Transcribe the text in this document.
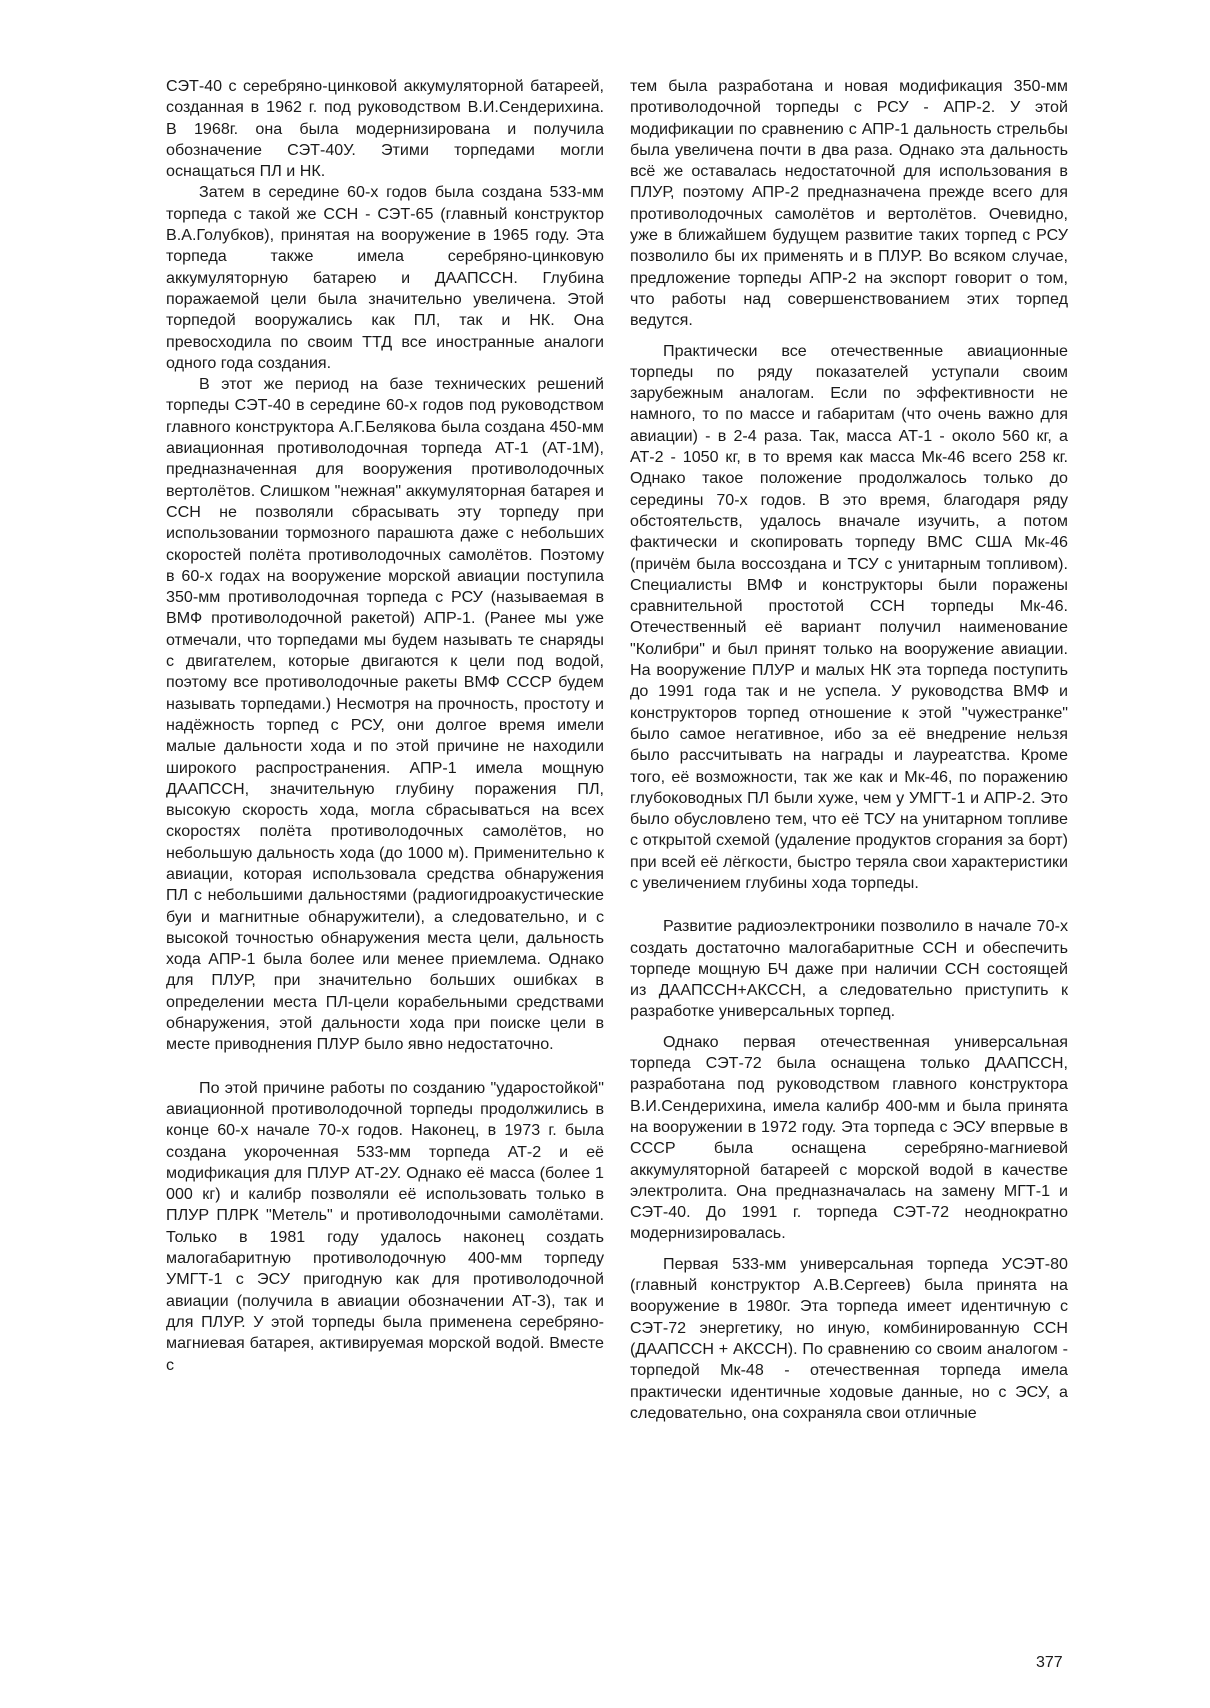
СЭТ-40 с серебряно-цинковой аккумуляторной батареей, созданная в 1962 г. под руководством В.И.Сендерихина. В 1968г. она была модернизирована и получила обозначение СЭТ-40У. Этими торпедами могли оснащаться ПЛ и НК.

Затем в середине 60-х годов была создана 533-мм торпеда с такой же ССН - СЭТ-65 (главный конструктор В.А.Голубков), принятая на вооружение в 1965 году. Эта торпеда также имела серебряно-цинковую аккумуляторную батарею и ДААПССН. Глубина поражаемой цели была значительно увеличена. Этой торпедой вооружались как ПЛ, так и НК. Она превосходила по своим ТТД все иностранные аналоги одного года создания.

В этот же период на базе технических решений торпеды СЭТ-40 в середине 60-х годов под руководством главного конструктора А.Г.Белякова была создана 450-мм авиационная противолодочная торпеда АТ-1 (АТ-1М), предназначенная для вооружения противолодочных вертолётов. Слишком "нежная" аккумуляторная батарея и ССН не позволяли сбрасывать эту торпеду при использовании тормозного парашюта даже с небольших скоростей полёта противолодочных самолётов. Поэтому в 60-х годах на вооружение морской авиации поступила 350-мм противолодочная торпеда с РСУ (называемая в ВМФ противолодочной ракетой) АПР-1. (Ранее мы уже отмечали, что торпедами мы будем называть те снаряды с двигателем, которые двигаются к цели под водой, поэтому все противолодочные ракеты ВМФ СССР будем называть торпедами.) Несмотря на прочность, простоту и надёжность торпед с РСУ, они долгое время имели малые дальности хода и по этой причине не находили широкого распространения. АПР-1 имела мощную ДААПССН, значительную глубину поражения ПЛ, высокую скорость хода, могла сбрасываться на всех скоростях полёта противолодочных самолётов, но небольшую дальность хода (до 1000 м). Применительно к авиации, которая использовала средства обнаружения ПЛ с небольшими дальностями (радиогидроакустические буи и магнитные обнаружители), а следовательно, и с высокой точностью обнаружения места цели, дальность хода АПР-1 была более или менее приемлема. Однако для ПЛУР, при значительно больших ошибках в определении места ПЛ-цели корабельными средствами обнаружения, этой дальности хода при поиске цели в месте приводнения ПЛУР было явно недостаточно.

По этой причине работы по созданию "ударостойкой" авиационной противолодочной торпеды продолжились в конце 60-х начале 70-х годов. Наконец, в 1973 г. была создана укороченная 533-мм торпеда АТ-2 и её модификация для ПЛУР АТ-2У. Однако её масса (более 1 000 кг) и калибр позволяли её использовать только в ПЛУР ПЛРК "Метель" и противолодочными самолётами. Только в 1981 году удалось наконец создать малогабаритную противолодочную 400-мм торпеду УМГТ-1 с ЭСУ пригодную как для противолодочной авиации (получила в авиации обозначении АТ-3), так и для ПЛУР. У этой торпеды была применена серебряно-магниевая батарея, активируемая морской водой. Вместе с

тем была разработана и новая модификация 350-мм противолодочной торпеды с РСУ - АПР-2. У этой модификации по сравнению с АПР-1 дальность стрельбы была увеличена почти в два раза. Однако эта дальность всё же оставалась недостаточной для использования в ПЛУР, поэтому АПР-2 предназначена прежде всего для противолодочных самолётов и вертолётов. Очевидно, уже в ближайшем будущем развитие таких торпед с РСУ позволило бы их применять и в ПЛУР. Во всяком случае, предложение торпеды АПР-2 на экспорт говорит о том, что работы над совершенствованием этих торпед ведутся.

Практически все отечественные авиационные торпеды по ряду показателей уступали своим зарубежным аналогам. Если по эффективности не намного, то по массе и габаритам (что очень важно для авиации) - в 2-4 раза. Так, масса АТ-1 - около 560 кг, а АТ-2 - 1050 кг, в то время как масса Мк-46 всего 258 кг. Однако такое положение продолжалось только до середины 70-х годов. В это время, благодаря ряду обстоятельств, удалось вначале изучить, а потом фактически и скопировать торпеду ВМС США Мк-46 (причём была воссоздана и ТСУ с унитарным топливом). Специалисты ВМФ и конструкторы были поражены сравнительной простотой ССН торпеды Мк-46. Отечественный её вариант получил наименование "Колибри" и был принят только на вооружение авиации. На вооружение ПЛУР и малых НК эта торпеда поступить до 1991 года так и не успела. У руководства ВМФ и конструкторов торпед отношение к этой "чужестранке" было самое негативное, ибо за её внедрение нельзя было рассчитывать на награды и лауреатства. Кроме того, её возможности, так же как и Мк-46, по поражению глубоководных ПЛ были хуже, чем у УМГТ-1 и АПР-2. Это было обусловлено тем, что её ТСУ на унитарном топливе с открытой схемой (удаление продуктов сгорания за борт) при всей её лёгкости, быстро теряла свои характеристики с увеличением глубины хода торпеды.

Развитие радиоэлектроники позволило в начале 70-х создать достаточно малогабаритные ССН и обеспечить торпеде мощную БЧ даже при наличии ССН состоящей из ДААПССН+АКССН, а следовательно приступить к разработке универсальных торпед.

Однако первая отечественная универсальная торпеда СЭТ-72 была оснащена только ДААПССН, разработана под руководством главного конструктора В.И.Сендерихина, имела калибр 400-мм и была принята на вооружении в 1972 году. Эта торпеда с ЭСУ впервые в СССР была оснащена серебряно-магниевой аккумуляторной батареей с морской водой в качестве электролита. Она предназначалась на замену МГТ-1 и СЭТ-40. До 1991 г. торпеда СЭТ-72 неоднократно модернизировалась.

Первая 533-мм универсальная торпеда УСЭТ-80 (главный конструктор А.В.Сергеев) была принята на вооружение в 1980г. Эта торпеда имеет идентичную с СЭТ-72 энергетику, но иную, комбинированную ССН (ДААПССН + АКССН). По сравнению со своим аналогом - торпедой Мк-48 - отечественная торпеда имела практически идентичные ходовые данные, но с ЭСУ, а следовательно, она сохраняла свои отличные

377
